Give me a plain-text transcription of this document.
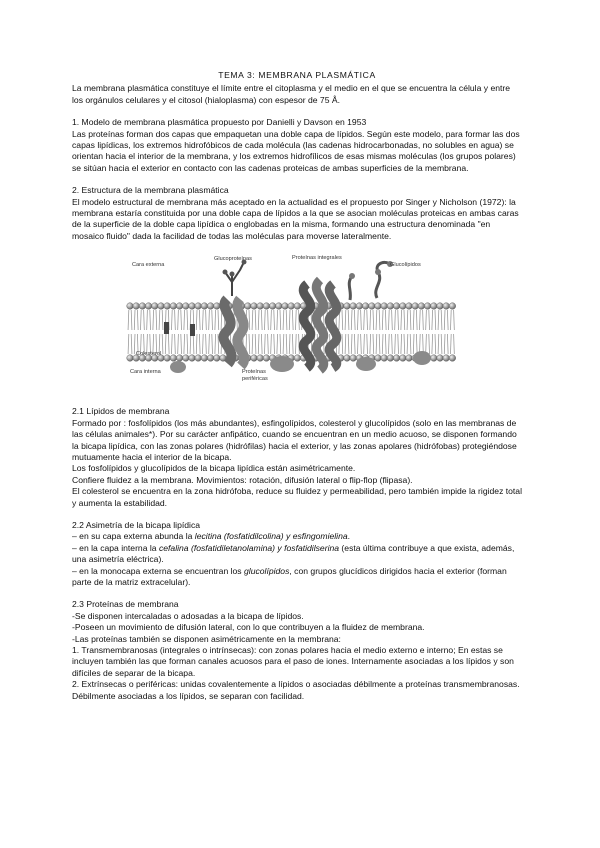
TEMA 3: MEMBRANA PLASMÁTICA

La membrana plasmática constituye el límite entre el citoplasma y el medio en el que se encuentra la célula y entre los orgánulos celulares y el citosol (hialoplasma) con espesor de 75 Å.

1. Modelo de membrana plasmática propuesto por Danielli y Davson en 1953

Las proteínas forman dos capas que empaquetan una doble capa de lípidos. Según este modelo, para formar las dos capas lipídicas, los extremos hidrofóbicos de cada molécula (las cadenas hidrocarbonadas, no solubles en agua) se orientan hacia el interior de la membrana, y los extremos hidrofílicos de esas mismas moléculas (los grupos polares) se sitúan hacia el exterior en contacto con las cadenas proteicas de ambas superficies de la membrana.

2. Estructura de la membrana plasmática

El modelo estructural de membrana más aceptado en la actualidad es el propuesto por Singer y Nicholson (1972): la membrana estaría constituida por una doble capa de lípidos a la que se asocian moléculas proteicas en ambas caras de la superficie de la doble capa lipídica o englobadas en la misma, formando una estructura denominada "en mosaico fluido" dada la facilidad de todas las moléculas para moverse lateralmente.

Cara externa
Glucoproteínas	Proteínas integrales
Glucolípidos
Colesterol
Cara interna	Proteínas
periféricas

2.1 Lípidos de membrana

Formado por : fosfolípidos (los más abundantes), esfingolípidos, colesterol y glucolípidos (solo en las membranas de las células animales*). Por su carácter anfipático, cuando se encuentran en un medio acuoso, se disponen formando la bicapa lipídica, con las zonas polares (hidrófilas) hacia el exterior, y las zonas apolares (hidrófobas) protegiéndose mutuamente hacia el interior de la bicapa.

Los fosfolípidos y glucolípidos de la bicapa lipídica están asimétricamente.

Confiere fluidez a la membrana. Movimientos: rotación, difusión lateral o flip-flop (flipasa).

El colesterol se encuentra en la zona hidrófoba, reduce su fluidez y permeabilidad, pero también impide la rigidez total y aumenta la estabilidad.

2.2 Asimetría de la bicapa lipídica

– en su capa externa abunda la lecitina (fosfatidilcolina) y esfingomielina.

– en la capa interna la cefalina (fosfatidiletanolamina) y fosfatidilserina (esta última contribuye a que exista, además, una asimetría eléctrica).

– en la monocapa externa se encuentran los glucolípidos, con grupos glucídicos dirigidos hacia el exterior (forman parte de la matriz extracelular).

2.3 Proteínas de membrana

-Se disponen intercaladas o adosadas a la bicapa de lípidos.

-Poseen un movimiento de difusión lateral, con lo que contribuyen a la fluidez de membrana.

-Las proteínas también se disponen asimétricamente en la membrana:

1. Transmembranosas (integrales o intrínsecas): con zonas polares hacia el medio externo e interno; En estas se incluyen también las que forman canales acuosos para el paso de iones. Internamente asociadas a los lípidos y son difíciles de separar de la bicapa.

2. Extrínsecas o periféricas: unidas covalentemente a lípidos o asociadas débilmente a proteínas transmembranosas. Débilmente asociadas a los lípidos, se separan con facilidad.
